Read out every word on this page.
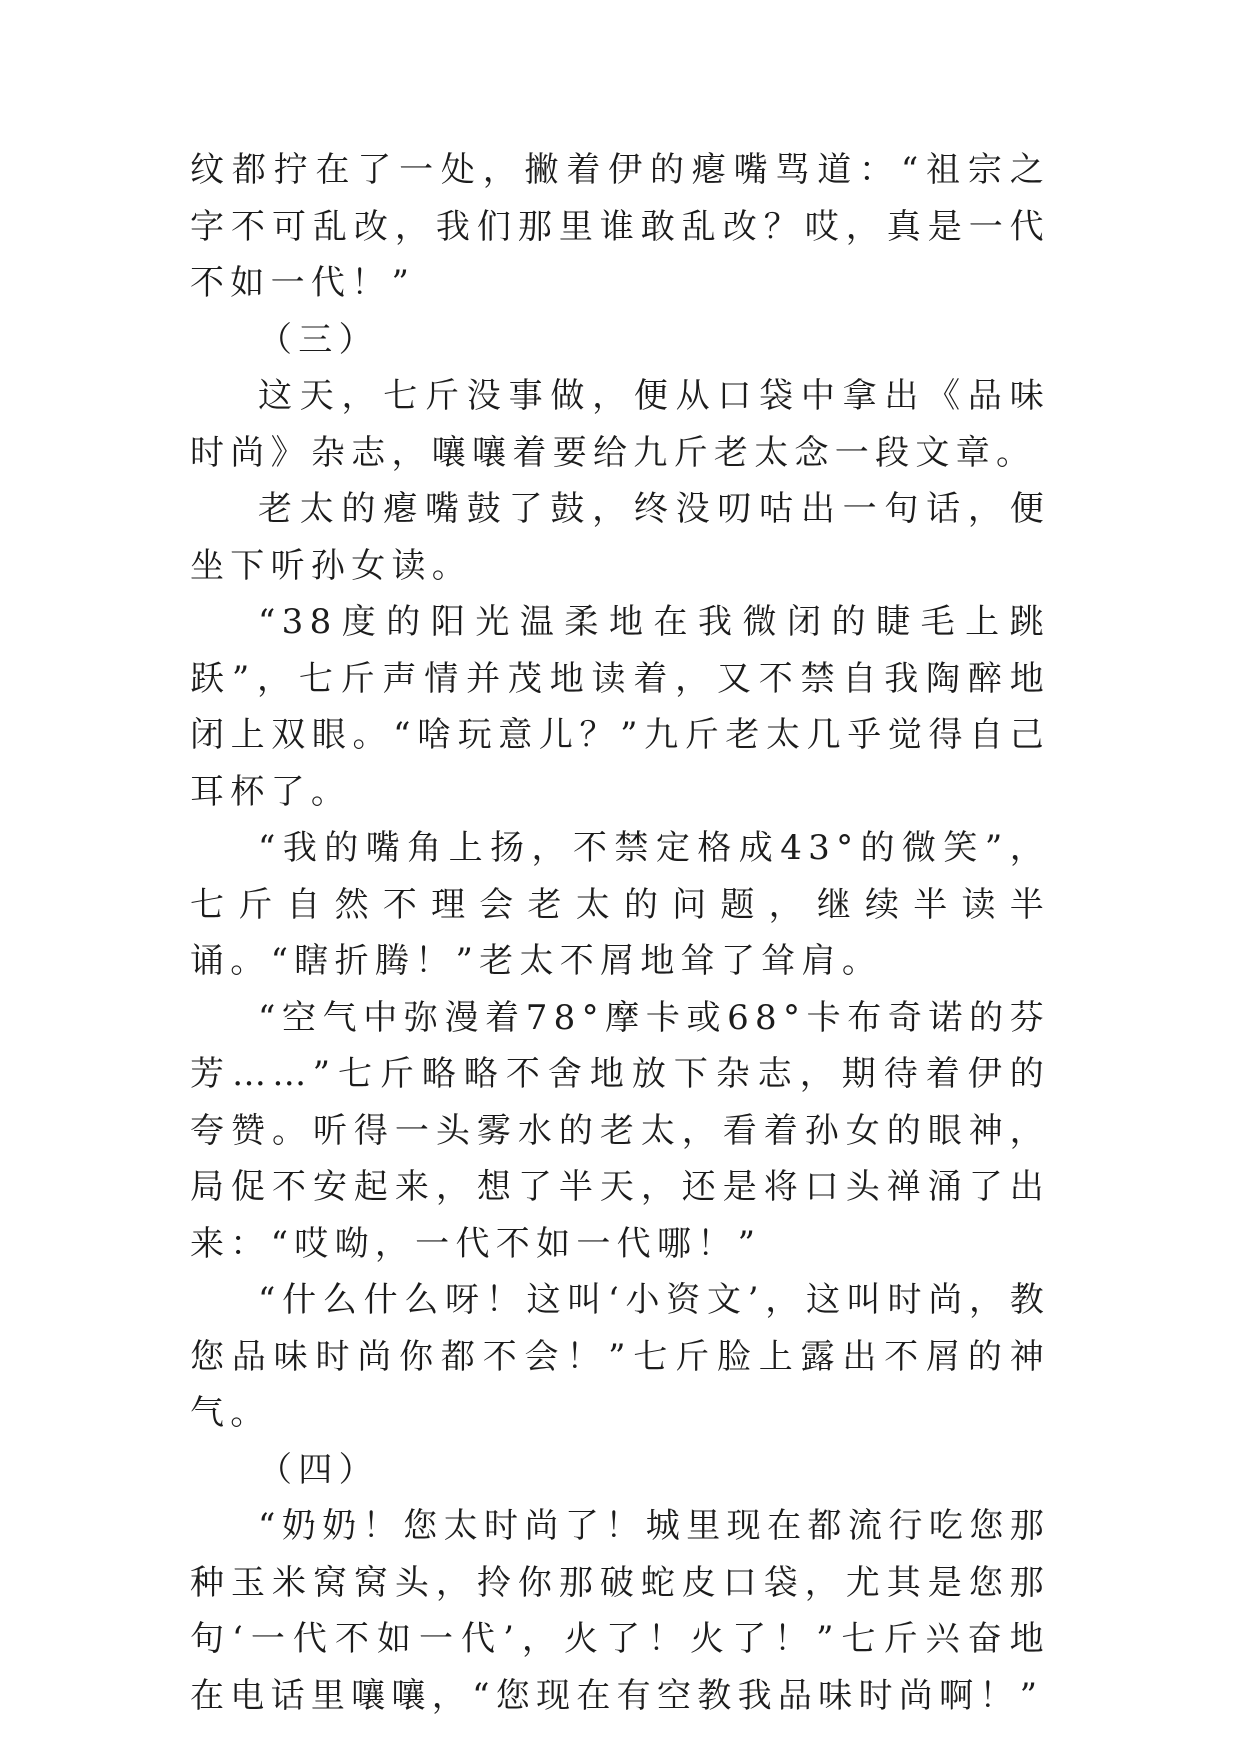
纹都拧在了一处，撇着伊的瘪嘴骂道：“祖宗之字不可乱改，我们那里谁敢乱改？哎，真是一代不如一代！”

（三）

这天，七斤没事做，便从口袋中拿出《品味时尚》杂志，嚷嚷着要给九斤老太念一段文章。

老太的瘪嘴鼓了鼓，终没叨咕出一句话，便坐下听孙女读。

“38度的阳光温柔地在我微闭的睫毛上跳跃”，七斤声情并茂地读着，又不禁自我陶醉地闭上双眼。“啥玩意儿？”九斤老太几乎觉得自己耳杯了。

“我的嘴角上扬，不禁定格成43°的微笑”，七斤自然不理会老太的问题，继续半读半诵。“瞎折腾！”老太不屑地耸了耸肩。

“空气中弥漫着78°摩卡或68°卡布奇诺的芬芳……”七斤略略不舍地放下杂志，期待着伊的夸赞。听得一头雾水的老太，看着孙女的眼神，局促不安起来，想了半天，还是将口头禅涌了出来：“哎呦，一代不如一代哪！”

“什么什么呀！这叫‘小资文’，这叫时尚，教您品味时尚你都不会！”七斤脸上露出不屑的神气。

（四）

“奶奶！您太时尚了！城里现在都流行吃您那种玉米窝窝头，拎你那破蛇皮口袋，尤其是您那句‘一代不如一代’，火了！火了！”七斤兴奋地在电话里嚷嚷，“您现在有空教我品味时尚啊！”
